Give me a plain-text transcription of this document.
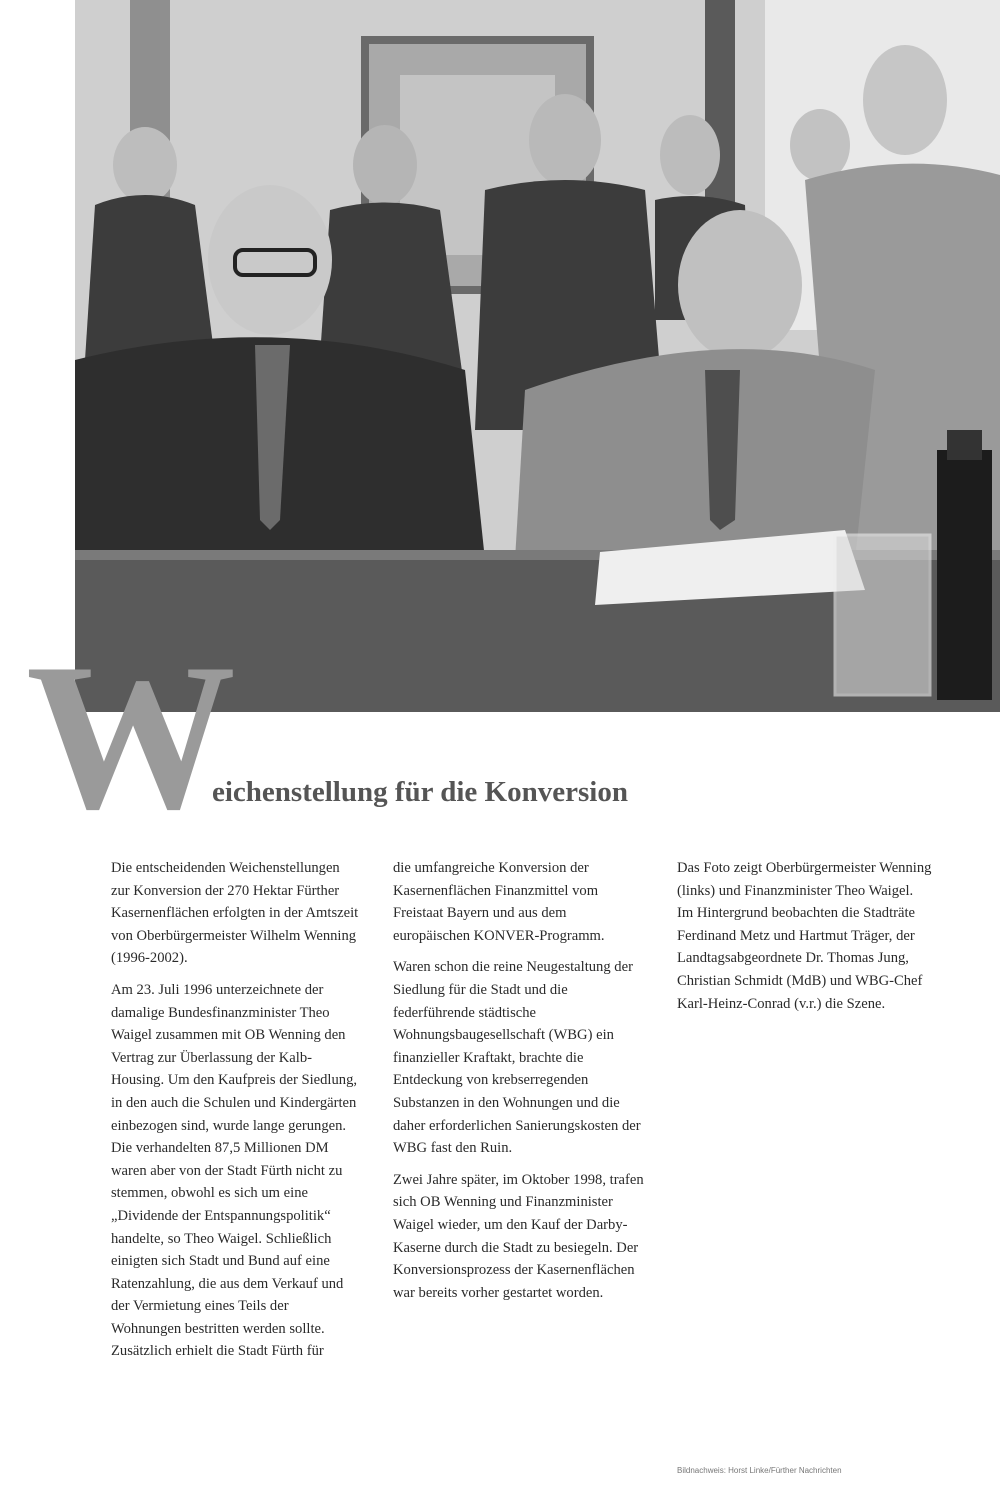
W
eichenstellung für die Konversion

Die entscheidenden Weichenstellungen zur Konversion der 270 Hektar Fürther Kasernenflächen erfolgten in der Amtszeit von Oberbürgermeister Wilhelm Wenning (1996-2002).

Am 23. Juli 1996 unterzeichnete der damalige Bundesfinanzminister Theo Waigel zusammen mit OB Wenning den Vertrag zur Überlassung der Kalb-Housing. Um den Kaufpreis der Siedlung, in den auch die Schulen und Kindergärten einbezogen sind, wurde lange gerungen. Die verhandelten 87,5 Millionen DM waren aber von der Stadt Fürth nicht zu stemmen, obwohl es sich um eine „Dividende der Entspannungspolitik“ handelte, so Theo Waigel. Schließlich einigten sich Stadt und Bund auf eine Ratenzahlung, die aus dem Verkauf und der Vermietung eines Teils der Wohnungen bestritten werden sollte. Zusätzlich erhielt die Stadt Fürth für

die umfangreiche Konversion der Kasernenflächen Finanzmittel vom Freistaat Bayern und aus dem europäischen KONVER-Programm.

Waren schon die reine Neugestaltung der Siedlung für die Stadt und die federführende städtische Wohnungsbaugesellschaft (WBG) ein finanzieller Kraftakt, brachte die Entdeckung von krebserregenden Substanzen in den Wohnungen und die daher erforderlichen Sanierungskosten der WBG fast den Ruin.

Zwei Jahre später, im Oktober 1998, trafen sich OB Wenning und Finanzminister Waigel wieder, um den Kauf der Darby-Kaserne durch die Stadt zu besiegeln. Der Konversionsprozess der Kasernenflächen war bereits vorher gestartet worden.

Das Foto zeigt Oberbürgermeister Wenning (links) und Finanzminister Theo Waigel.

Im Hintergrund beobachten die Stadträte Ferdinand Metz und Hartmut Träger, der Landtagsabgeordnete Dr. Thomas Jung, Christian Schmidt (MdB) und WBG-Chef Karl-Heinz-Conrad (v.r.) die Szene.

Bildnachweis: Horst Linke/Fürther Nachrichten
